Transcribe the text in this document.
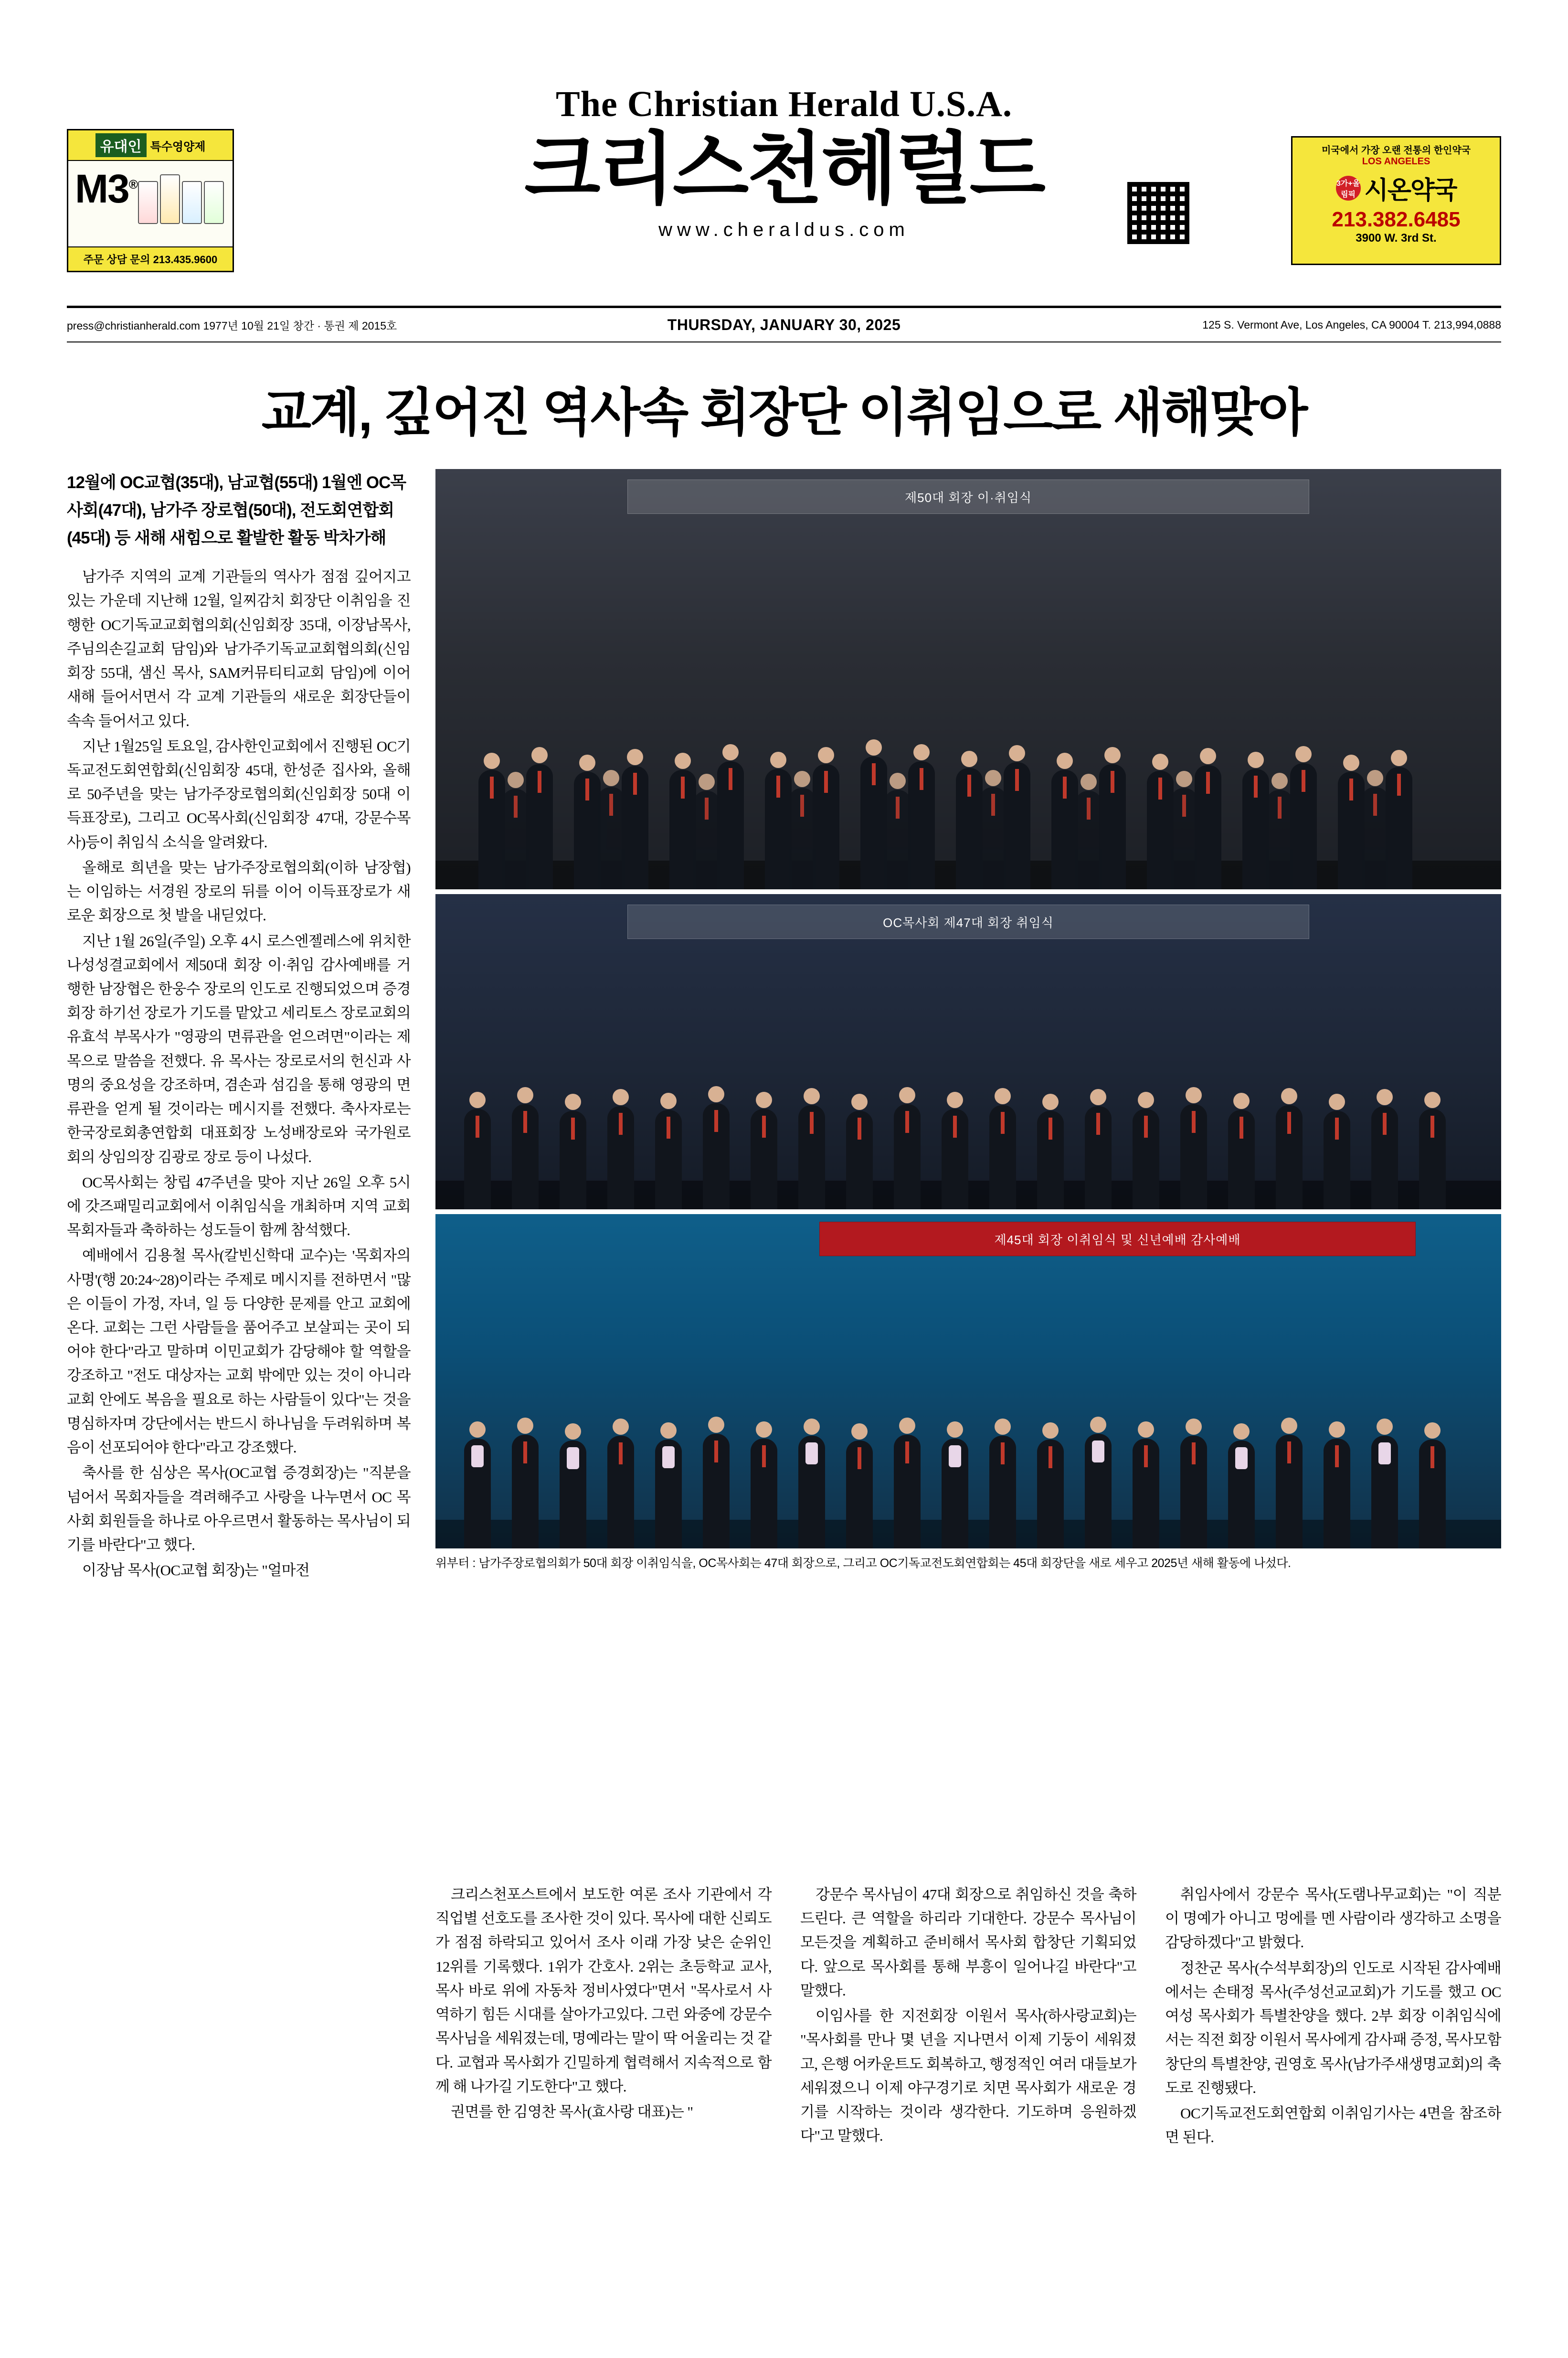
유대인 특수영양제
M3®
주문 상담 문의 213.435.9600
The Christian Herald U.S.A.
크리스천헤럴드
www.cheraldus.com
미국에서 가장 오랜 전통의 한인약국
LOS ANGELES
3가+올림픽 시온약국
213.382.6485
3900 W. 3rd St.
press@christianherald.com 1977년 10월 21일 창간 · 통권 제 2015호	THURSDAY, JANUARY 30, 2025	125 S. Vermont Ave, Los Angeles, CA 90004 T. 213,994,0888
교계, 깊어진 역사속 회장단 이취임으로 새해맞아
12월에 OC교협(35대), 남교협(55대) 1월엔 OC목사회(47대), 남가주 장로협(50대), 전도회연합회(45대) 등 새해 새힘으로 활발한 활동 박차가해

남가주 지역의 교계 기관들의 역사가 점점 깊어지고 있는 가운데 지난해 12월, 일찌감치 회장단 이취임을 진행한 OC기독교교회협의회(신임회장 35대, 이장남목사,주님의손길교회 담임)와 남가주기독교교회협의회(신임회장 55대, 샘신 목사, SAM커뮤티티교회 담임)에 이어 새해 들어서면서 각 교계 기관들의 새로운 회장단들이 속속 들어서고 있다.

지난 1월25일 토요일, 감사한인교회에서 진행된 OC기독교전도회연합회(신임회장 45대, 한성준 집사와, 올해로 50주년을 맞는 남가주장로협의회(신임회장 50대 이득표장로), 그리고 OC목사회(신임회장 47대, 강문수목사)등이 취임식 소식을 알려왔다.

올해로 희년을 맞는 남가주장로협의회(이하 남장협)는 이임하는 서경원 장로의 뒤를 이어 이득표장로가 새로운 회장으로 첫 발을 내딛었다.

지난 1월 26일(주일) 오후 4시 로스엔젤레스에 위치한 나성성결교회에서 제50대 회장 이·취임 감사예배를 거행한 남장협은 한웅수 장로의 인도로 진행되었으며 증경회장 하기선 장로가 기도를 맡았고 세리토스 장로교회의 유효석 부목사가 "영광의 면류관을 얻으려면"이라는 제목으로 말씀을 전했다. 유 목사는 장로로서의 헌신과 사명의 중요성을 강조하며, 겸손과 섬김을 통해 영광의 면류관을 얻게 될 것이라는 메시지를 전했다. 축사자로는 한국장로회총연합회 대표회장 노성배장로와 국가원로회의 상임의장 김광로 장로 등이 나섰다.

OC목사회는 창립 47주년을 맞아 지난 26일 오후 5시에 갓즈패밀리교회에서 이취임식을 개최하며 지역 교회 목회자들과 축하하는 성도들이 함께 참석했다.

예배에서 김용철 목사(칼빈신학대 교수)는 '목회자의 사명'(행 20:24~28)이라는 주제로 메시지를 전하면서 "많은 이들이 가정, 자녀, 일 등 다양한 문제를 안고 교회에 온다. 교회는 그런 사람들을 품어주고 보살피는 곳이 되어야 한다"라고 말하며 이민교회가 감당해야 할 역할을 강조하고 "전도 대상자는 교회 밖에만 있는 것이 아니라 교회 안에도 복음을 필요로 하는 사람들이 있다"는 것을 명심하자며 강단에서는 반드시 하나님을 두려워하며 복음이 선포되어야 한다"라고 강조했다.

축사를 한 심상은 목사(OC교협 증경회장)는 "직분을 넘어서 목회자들을 격려해주고 사랑을 나누면서 OC 목사회 회원들을 하나로 아우르면서 활동하는 목사님이 되기를 바란다"고 했다.

이장남 목사(OC교협 회장)는 "얼마전

제50대 회장 이·취임식
OC목사회 제47대 회장 취임식
제45대 회장 이취임식 및 신년예배 감사예배
위부터 : 남가주장로협의회가 50대 회장 이취임식을, OC목사회는 47대 회장으로, 그리고 OC기독교전도회연합회는 45대 회장단을 새로 세우고 2025년 새해 활동에 나섰다.

크리스천포스트에서 보도한 여론 조사 기관에서 각 직업별 선호도를 조사한 것이 있다. 목사에 대한 신뢰도가 점점 하락되고 있어서 조사 이래 가장 낮은 순위인 12위를 기록했다. 1위가 간호사. 2위는 초등학교 교사, 목사 바로 위에 자동차 정비사였다"면서 "목사로서 사역하기 힘든 시대를 살아가고있다. 그런 와중에 강문수 목사님을 세워졌는데, 명예라는 말이 딱 어울리는 것 같다. 교협과 목사회가 긴밀하게 협력해서 지속적으로 함께 해 나가길 기도한다"고 했다.

권면를 한 김영찬 목사(효사랑 대표)는 "

강문수 목사님이 47대 회장으로 취임하신 것을 축하드린다. 큰 역할을 하리라 기대한다. 강문수 목사님이 모든것을 계획하고 준비해서 목사회 합창단 기획되었다. 앞으로 목사회를 통해 부흥이 일어나길 바란다"고 말했다.

이임사를 한 지전회장 이원서 목사(하사랑교회)는 "목사회를 만나 몇 년을 지나면서 이제 기둥이 세워졌고, 은행 어카운트도 회복하고, 행정적인 여러 대들보가 세워졌으니 이제 야구경기로 치면 목사회가 새로운 경기를 시작하는 것이라 생각한다. 기도하며 응원하겠다"고 말했다.

취임사에서 강문수 목사(도램나무교회)는 "이 직분이 명예가 아니고 멍에를 멘 사람이라 생각하고 소명을 감당하겠다"고 밝혔다.

정찬군 목사(수석부회장)의 인도로 시작된 감사예배에서는 손태정 목사(주성선교교회)가 기도를 했고 OC여성 목사회가 특별찬양을 했다. 2부 회장 이취임식에서는 직전 회장 이원서 목사에게 감사패 증정, 목사모함창단의 특별찬양, 권영호 목사(남가주새생명교회)의 축도로 진행됐다.

OC기독교전도회연합회 이취임기사는 4면을 참조하면 된다.
